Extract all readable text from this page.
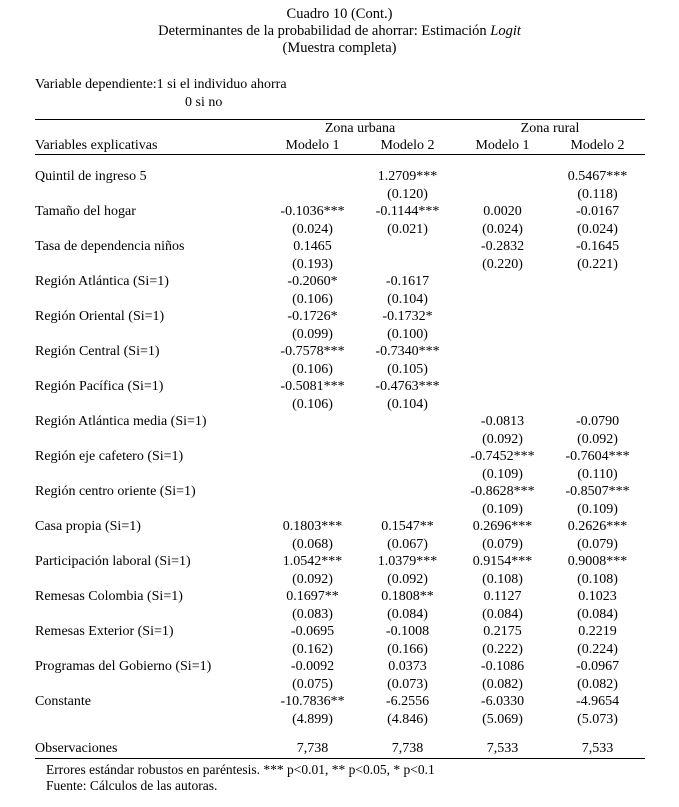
Cuadro 10 (Cont.)
Determinantes de la probabilidad de ahorrar: Estimación Logit
(Muestra completa)
Variable dependiente:1 si el individuo ahorra
0 si no
	Zona urbana		Zona rural	
Variables explicativas	Modelo 1	Modelo 2	Modelo 1	Modelo 2

Quintil de ingreso 5		1.2709***		0.5467***
		(0.120)		(0.118)
Tamaño del hogar	-0.1036***	-0.1144***	0.0020	-0.0167
	(0.024)	(0.021)	(0.024)	(0.024)
Tasa de dependencia niños	0.1465		-0.2832	-0.1645
	(0.193)		(0.220)	(0.221)
Región Atlántica (Si=1)	-0.2060*	-0.1617		
	(0.106)	(0.104)		
Región Oriental (Si=1)	-0.1726*	-0.1732*		
	(0.099)	(0.100)		
Región Central (Si=1)	-0.7578***	-0.7340***		
	(0.106)	(0.105)		
Región Pacífica (Si=1)	-0.5081***	-0.4763***		
	(0.106)	(0.104)		
Región Atlántica media (Si=1)			-0.0813	-0.0790
			(0.092)	(0.092)
Región eje cafetero (Si=1)			-0.7452***	-0.7604***
			(0.109)	(0.110)
Región centro oriente (Si=1)			-0.8628***	-0.8507***
			(0.109)	(0.109)
Casa propia (Si=1)	0.1803***	0.1547**	0.2696***	0.2626***
	(0.068)	(0.067)	(0.079)	(0.079)
Participación laboral (Si=1)	1.0542***	1.0379***	0.9154***	0.9008***
	(0.092)	(0.092)	(0.108)	(0.108)
Remesas Colombia (Si=1)	0.1697**	0.1808**	0.1127	0.1023
	(0.083)	(0.084)	(0.084)	(0.084)
Remesas Exterior (Si=1)	-0.0695	-0.1008	0.2175	0.2219
	(0.162)	(0.166)	(0.222)	(0.224)
Programas del Gobierno (Si=1)	-0.0092	0.0373	-0.1086	-0.0967
	(0.075)	(0.073)	(0.082)	(0.082)
Constante	-10.7836**	-6.2556	-6.0330	-4.9654
	(4.899)	(4.846)	(5.069)	(5.073)

Observaciones	7,738	7,738	7,533	7,533
Errores estándar robustos en paréntesis. *** p<0.01, ** p<0.05, * p<0.1
Fuente: Cálculos de las autoras.
